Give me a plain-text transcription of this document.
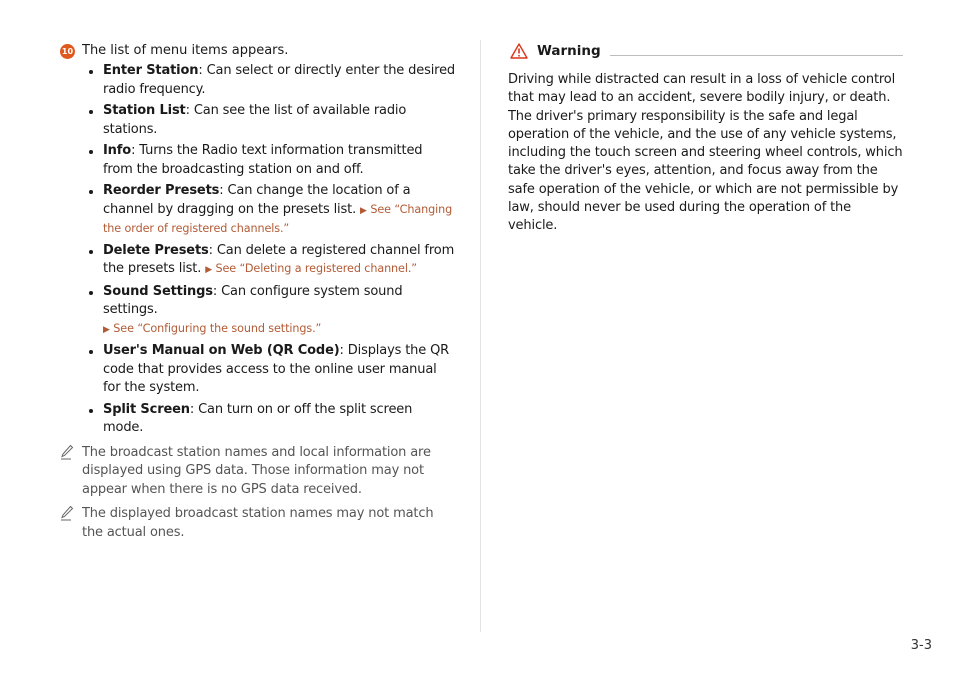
10 The list of menu items appears.
Enter Station: Can select or directly enter the desired radio frequency.
Station List: Can see the list of available radio stations.
Info: Turns the Radio text information transmitted from the broadcasting station on and off.
Reorder Presets: Can change the location of a channel by dragging on the presets list. ▶ See “Changing the order of registered channels.”
Delete Presets: Can delete a registered channel from the presets list. ▶ See “Deleting a registered channel.”
Sound Settings: Can configure system sound settings.
▶ See “Configuring the sound settings.”
User's Manual on Web (QR Code): Displays the QR code that provides access to the online user manual for the system.
Split Screen: Can turn on or off the split screen mode.
The broadcast station names and local information are displayed using GPS data. Those information may not appear when there is no GPS data received.
The displayed broadcast station names may not match the actual ones.
Warning
Driving while distracted can result in a loss of vehicle control that may lead to an accident, severe bodily injury, or death. The driver's primary responsibility is the safe and legal operation of the vehicle, and the use of any vehicle systems, including the touch screen and steering wheel controls, which take the driver's eyes, attention, and focus away from the safe operation of the vehicle, or which are not permissible by law, should never be used during the operation of the vehicle.
3-3
